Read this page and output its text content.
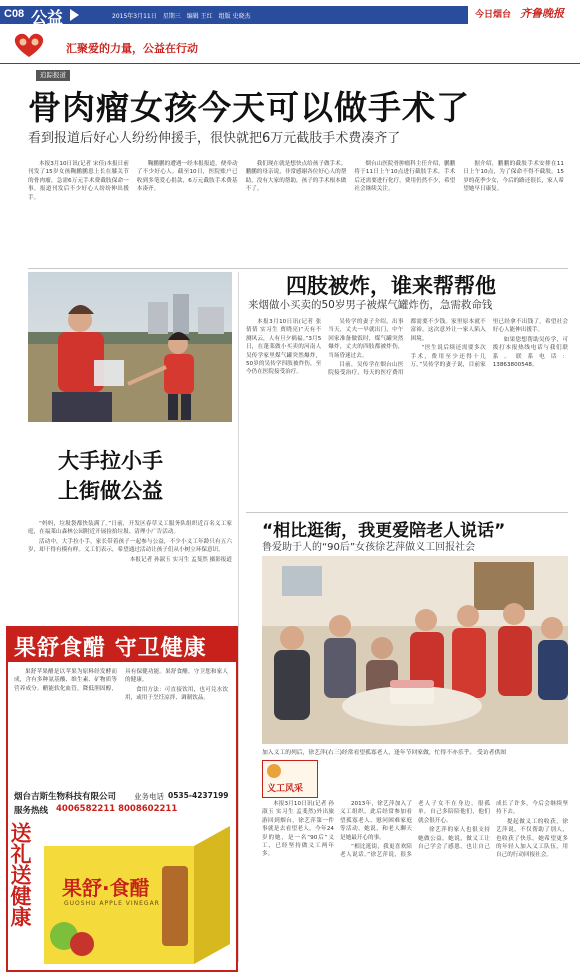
C08 公益	2015年3月11日　星期三　编辑 王红　组版 史晓杰	今日烟台 齐鲁晚报
汇聚爱的力量，公益在行动
追踪报道
骨肉瘤女孩今天可以做手术了
看到报道后好心人纷纷伸援手，很快就把6万元截肢手术费凑齐了

本报3月10日讯(记者 宋佳)本报日前刊发了15岁女孩鞠鹏鹏患上长在膝关节的骨肉瘤，急需6万元手术费截肢保命一事，报道刊发后不少好心人纷纷伸出援手。

鞠鹏鹏的遭遇一经本报报道，便牵动了不少好心人。截至10日，医院账户已收到多笔爱心捐款，6万元截肢手术费基本凑齐。

我们现在就是想快点给孩子做手术。鹏鹏的母亲说，非常感谢各位好心人的帮助，没有大家的帮助，孩子的手术根本做不了。

烟台山医院骨肿瘤科主任介绍，鹏鹏将于11日上午10点进行截肢手术，手术后还需要进行化疗，费用仍然不少，希望社会继续关注。

据介绍，鹏鹏的截肢手术安排在11日上午10点，为了保命不得不截肢。15岁的花季少女，今后的路还很长，家人希望她早日康复。

大手拉小手
上街做公益

“妈妈，垃圾袋都快装满了。”日前，开发区春草义工服务队组织近百名义工家庭，在福莱山森林公园附近开展捡拾垃圾、清理小广告活动。

活动中，大手拉小手，家长带着孩子一起参与公益，不少小义工年龄只有五六岁，却干得有模有样。义工们表示，希望通过活动让孩子们从小树立环保意识。

本报记者 孙淑玉 实习生 孟斐然 摄影报道

四肢被炸，谁来帮帮他
来烟做小买卖的50岁男子被煤气罐炸伤，急需救命钱

本报3月10日讯(记者 张倩倩 实习生 贾晓亮)“天有不测风云，人有旦夕祸福。”3月5日，在蓬莱做小买卖的河南人吴传学家里煤气罐突然爆炸，50岁的吴传学四肢被炸伤，至今仍在医院接受治疗。

吴传学的妻子介绍，出事当天，丈夫一早就出门，中午回家准备做饭时，煤气罐突然爆炸，丈夫的四肢都被炸伤，当场昏迷过去。

目前，吴传学在烟台山医院接受治疗，每天的医疗费用都需要不少钱。家里原本就不富裕，这次意外让一家人陷入困境。

“医生说后续还需要多次手术，费用至少还得十几万。”吴传学的妻子说，目前家里已经拿不出钱了，希望社会好心人能伸出援手。

如果您想帮助吴传学，可拨打本报热线电话与我们联系。联系电话：13863800548。

“相比逛街，我更爱陪老人说话”
鲁爱助于人的“90后”女孩徐艺萍做义工回报社会
加入义工的列后，徐艺萍(右三)经常看望孤寡老人，逢年节回家做，忙得不亦乐乎。 受访者供图
义工风采

本报3月10日讯(记者 孙淑玉 实习生 孟斐然)外出旅游回到烟台，徐艺萍第一件事就是去看望老人。今年24岁的她，是一名“90后”义工，已经坚持做义工两年多。

2013年，徐艺萍加入了义工组织，此后经常参加看望孤寡老人、慰问困难家庭等活动。她说，和老人聊天是她最开心的事。

“相比逛街，我更喜欢陪老人说话。”徐艺萍说，很多老人子女不在身边，很孤单，自己多陪陪他们，他们就会很开心。

徐艺萍的家人也很支持她做公益，她说，做义工让自己学会了感恩，也让自己成长了许多，今后会继续坚持下去。

提起做义工的收获，徐艺萍说，不仅帮助了别人，也收获了快乐。她希望更多的年轻人加入义工队伍，用自己的行动回报社会。

果舒食醋 守卫健康

果舒苹果醋是以苹果为原料经发酵而成，含有多种氨基酸、维生素、矿物质等营养成分。醋能软化血管，降低胆固醇，具有保健功能。果舒食醋，守卫您和家人的健康。

食用方法：可直接饮用，也可兑水饮用，或用于烹饪凉拌、调制饮品。

烟台吉斯生物科技有限公司 业务电话 0535-4237199
服务热线 4006582211 8008602211
送礼送健康 果舒·食醋
GUOSHU APPLE VINEGAR
